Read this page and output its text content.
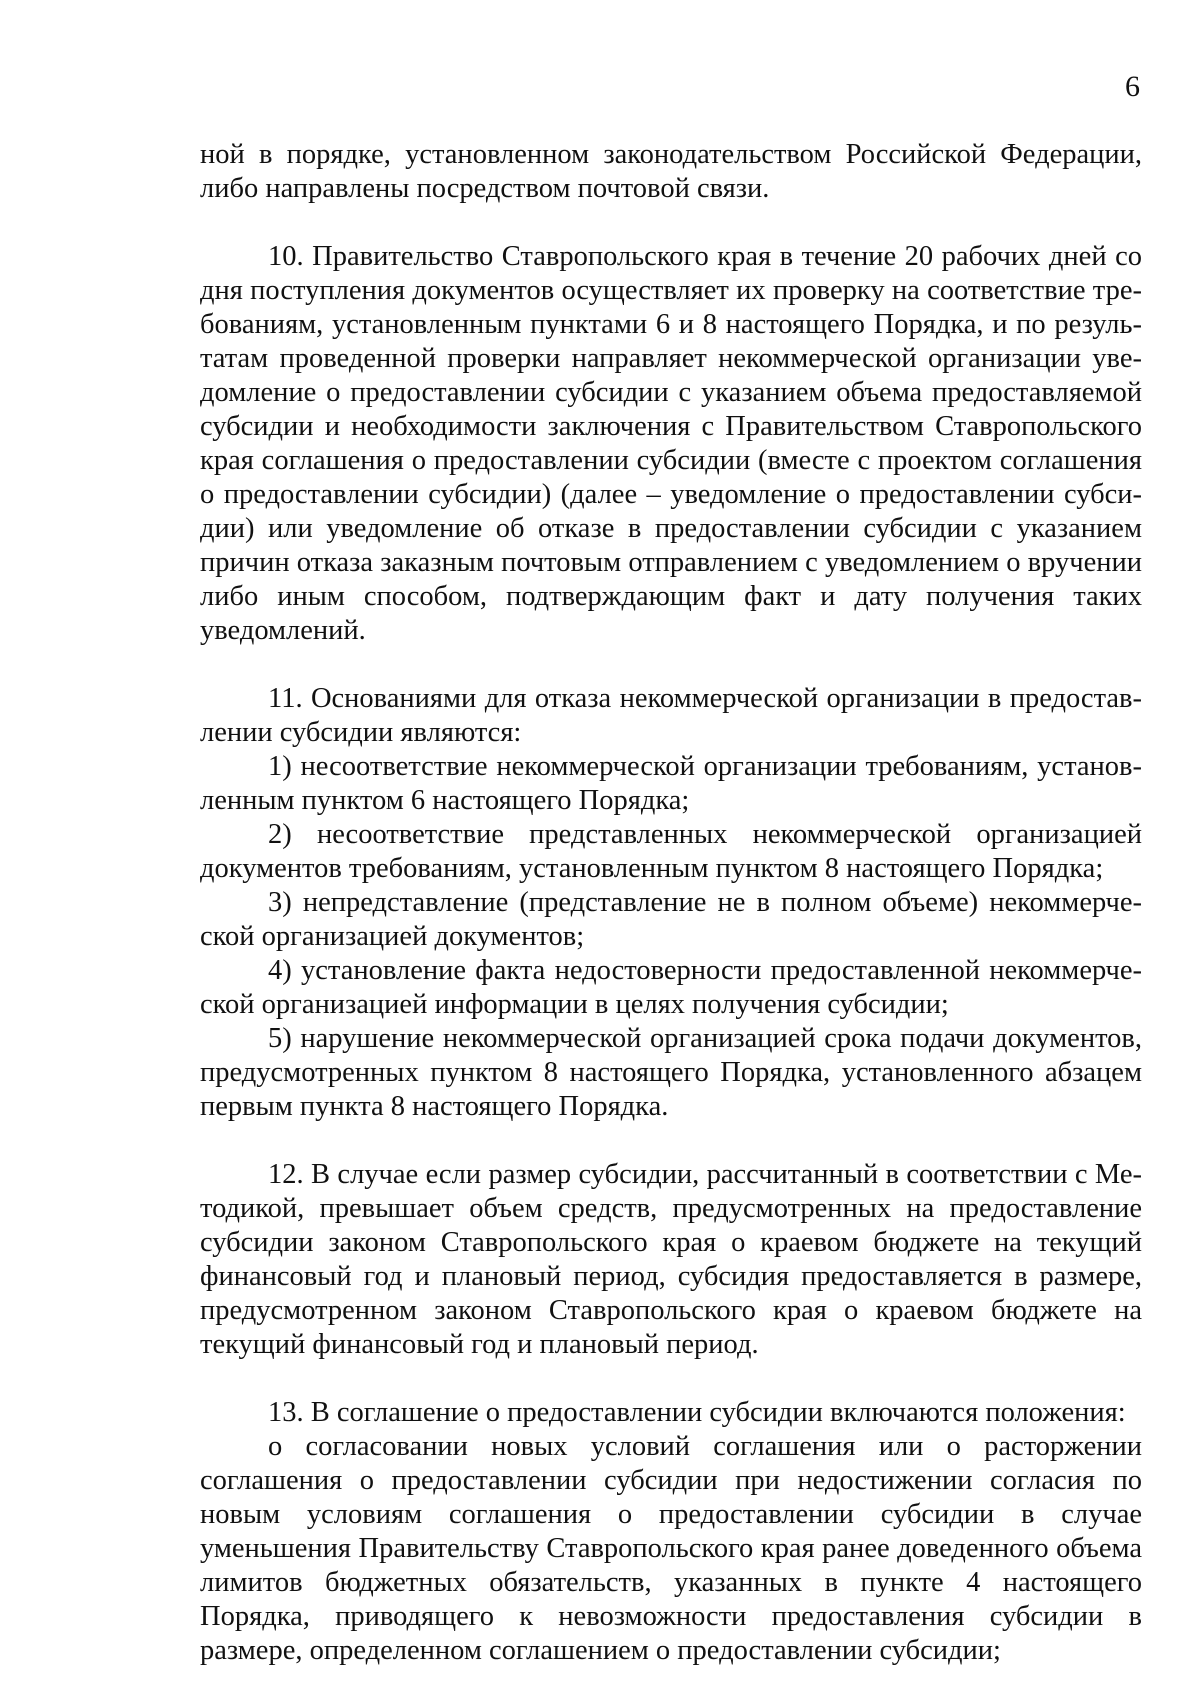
6

ной в порядке, установленном законодательством Российской Федерации, либо направлены посредством почтовой связи.

10. Правительство Ставропольского края в течение 20 рабочих дней со дня поступления документов осуществляет их проверку на соответствие требованиям, установленным пунктами 6 и 8 настоящего Порядка, и по результатам проведенной проверки направляет некоммерческой организации уведомление о предоставлении субсидии с указанием объема предоставляемой субсидии и необходимости заключения с Правительством Ставропольского края соглашения о предоставлении субсидии (вместе с проектом соглашения о предоставлении субсидии) (далее – уведомление о предоставлении субсидии) или уведомление об отказе в предоставлении субсидии с указанием причин отказа заказным почтовым отправлением с уведомлением о вручении либо иным способом, подтверждающим факт и дату получения таких уведомлений.

11. Основаниями для отказа некоммерческой организации в предоставлении субсидии являются:

1) несоответствие некоммерческой организации требованиям, установленным пунктом 6 настоящего Порядка;

2) несоответствие представленных некоммерческой организацией документов требованиям, установленным пунктом 8 настоящего Порядка;

3) непредставление (представление не в полном объеме) некоммерческой организацией документов;

4) установление факта недостоверности предоставленной некоммерческой организацией информации в целях получения субсидии;

5) нарушение некоммерческой организацией срока подачи документов, предусмотренных пунктом 8 настоящего Порядка, установленного абзацем первым пункта 8 настоящего Порядка.

12. В случае если размер субсидии, рассчитанный в соответствии с Методикой, превышает объем средств, предусмотренных на предоставление субсидии законом Ставропольского края о краевом бюджете на текущий финансовый год и плановый период, субсидия предоставляется в размере, предусмотренном законом Ставропольского края о краевом бюджете на текущий финансовый год и плановый период.

13. В соглашение о предоставлении субсидии включаются положения:

о согласовании новых условий соглашения или о расторжении соглашения о предоставлении субсидии при недостижении согласия по новым условиям соглашения о предоставлении субсидии в случае уменьшения Правительству Ставропольского края ранее доведенного объема лимитов бюджетных обязательств, указанных в пункте 4 настоящего Порядка, приводящего к невозможности предоставления субсидии в размере, определенном соглашением о предоставлении субсидии;
